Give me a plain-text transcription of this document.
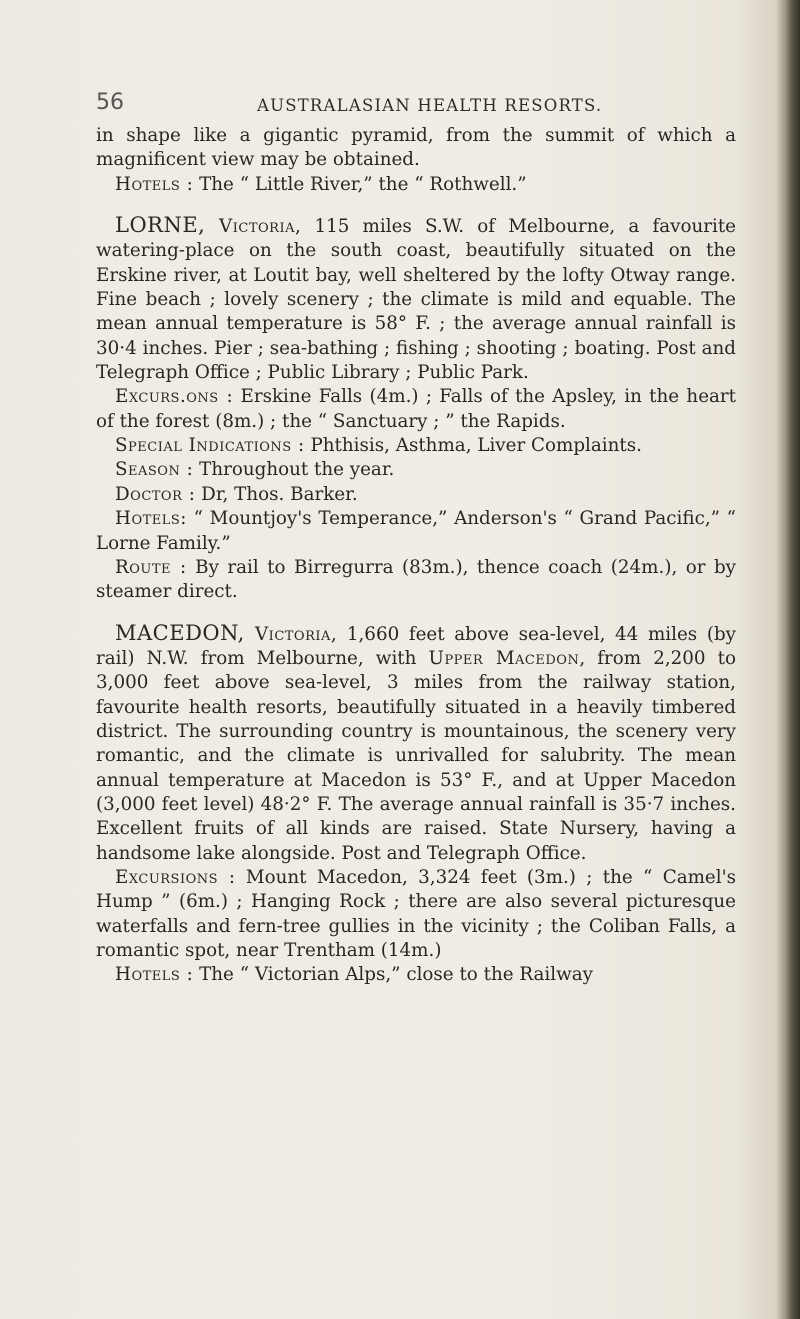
56	AUSTRALASIAN HEALTH RESORTS.

in shape like a gigantic pyramid, from the summit of which a magnificent view may be obtained.

Hotels : The “ Little River,” the “ Rothwell.”

LORNE, Victoria, 115 miles S.W. of Melbourne, a favourite watering-place on the south coast, beautifully situated on the Erskine river, at Loutit bay, well sheltered by the lofty Otway range. Fine beach ; lovely scenery ; the climate is mild and equable. The mean annual temperature is 58° F. ; the average annual rainfall is 30·4 inches. Pier ; sea-bathing ; fishing ; shooting ; boating. Post and Telegraph Office ; Public Library ; Public Park.

Excurs.ons : Erskine Falls (4m.) ; Falls of the Apsley, in the heart of the forest (8m.) ; the “ Sanctuary ; ” the Rapids.

Special Indications : Phthisis, Asthma, Liver Complaints.

Season : Throughout the year.

Doctor : Dr, Thos. Barker.

Hotels: “ Mountjoy's Temperance,” Anderson's “ Grand Pacific,” “ Lorne Family.”

Route : By rail to Birregurra (83m.), thence coach (24m.), or by steamer direct.

MACEDON, Victoria, 1,660 feet above sea-level, 44 miles (by rail) N.W. from Melbourne, with Upper Macedon, from 2,200 to 3,000 feet above sea-level, 3 miles from the railway station, favourite health resorts, beautifully situated in a heavily timbered district. The surrounding country is mountainous, the scenery very romantic, and the climate is unrivalled for salubrity. The mean annual temperature at Macedon is 53° F., and at Upper Macedon (3,000 feet level) 48·2° F. The average annual rainfall is 35·7 inches. Excellent fruits of all kinds are raised. State Nursery, having a handsome lake alongside. Post and Telegraph Office.

Excursions : Mount Macedon, 3,324 feet (3m.) ; the “ Camel's Hump ” (6m.) ; Hanging Rock ; there are also several picturesque waterfalls and fern-tree gullies in the vicinity ; the Coliban Falls, a romantic spot, near Trentham (14m.)

Hotels : The “ Victorian Alps,” close to the Railway
